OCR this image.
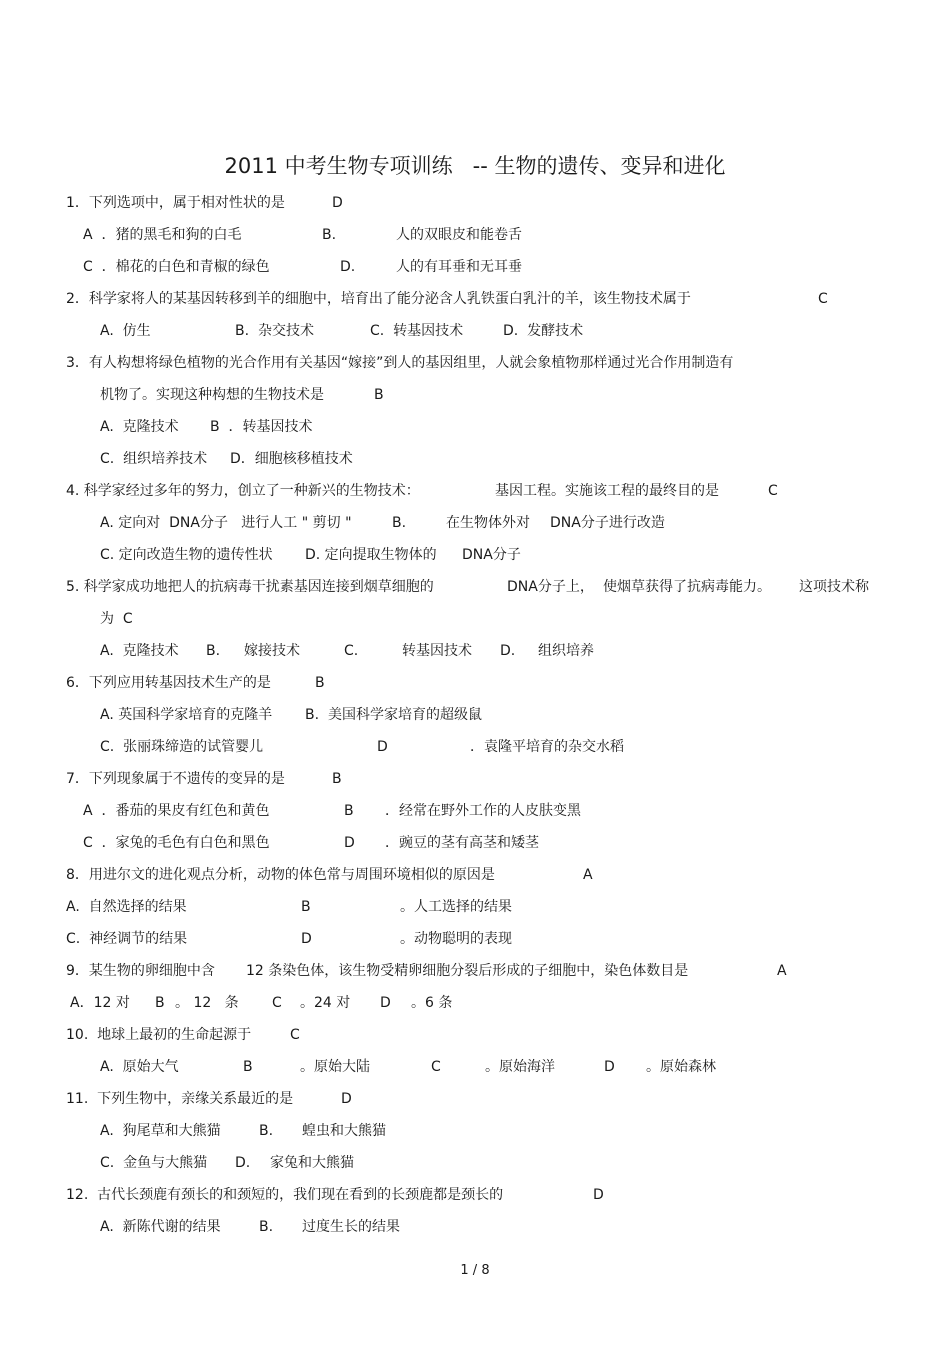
2011 中考生物专项训练   -- 生物的遗传、变异和进化
1．下列选项中，属于相对性状的是	D
A  ．猪的黑毛和狗的白毛	B.	人的双眼皮和能卷舌
C  ．棉花的白色和青椒的绿色	D.	人的有耳垂和无耳垂
2．科学家将人的某基因转移到羊的细胞中，培育出了能分泌含人乳铁蛋白乳汁的羊，该生物技术属于	C
A.  仿生	B.  杂交技术	C.  转基因技术	D.  发酵技术
3．有人构想将绿色植物的光合作用有关基因“嫁接”到人的基因组里，人就会象植物那样通过光合作用制造有
机物了。实现这种构想的生物技术是	B
A.  克隆技术 B  ．转基因技术
C.  组织培养技术 D．细胞核移植技术
4. 科学家经过多年的努力，创立了一种新兴的生物技术：	基因工程。实施该工程的最终目的是	C
A. 定向对  DNA分子   进行人工 " 剪切 "	B.	在生物体外对 DNA分子进行改造
C. 定向改造生物的遗传性状 D. 定向提取生物体的 DNA分子
5. 科学家成功地把人的抗病毒干扰素基因连接到烟草细胞的	DNA分子上， 使烟草获得了抗病毒能力。 这项技术称
为  C
A.  克隆技术 B. 嫁接技术	C.	转基因技术 D. 组织培养
6．下列应用转基因技术生产的是	B
A. 英国科学家培育的克隆羊 B.  美国科学家培育的超级鼠
C.  张丽珠缔造的试管婴儿	D	．袁隆平培育的杂交水稻
7．下列现象属于不遗传的变异的是	B
A  ．番茄的果皮有红色和黄色	B ．经常在野外工作的人皮肤变黑
C  ．家兔的毛色有白色和黑色	D ．豌豆的茎有高茎和矮茎
8．用进尔文的进化观点分析，动物的体色常与周围环境相似的原因是	A
A.  自然选择的结果	B	。人工选择的结果
C.  神经调节的结果	D	。动物聪明的表现
9．某生物的卵细胞中含 12 条染色体，该生物受精卵细胞分裂后形成的子细胞中，染色体数目是	A
A．12 对 B 。 12   条 C 。24 对 D 。6 条
10.  地球上最初的生命起源于	C
A.  原始大气	B	。原始大陆	C	。原始海洋	D 。原始森林
11.  下列生物中，亲缘关系最近的是	D
A.  狗尾草和大熊猫	B. 蝗虫和大熊猫
C.  金鱼与大熊猫 D. 家兔和大熊猫
12.  古代长颈鹿有颈长的和颈短的，我们现在看到的长颈鹿都是颈长的	D
A.  新陈代谢的结果	B. 过度生长的结果
1 / 8
